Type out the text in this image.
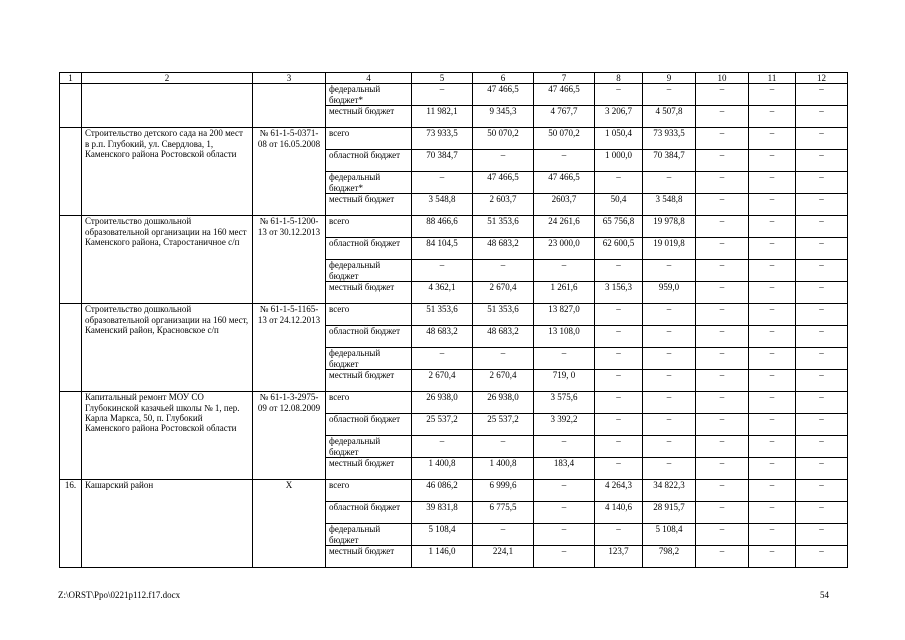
1	2	3	4	5	6	7	8	9	10	11	12
			федеральный бюджет*	–	47 466,5	47 466,5	–	–	–	–	–
			местный бюджет	11 982,1	9 345,3	4 767,7	3 206,7	4 507,8	–	–	–
	Строительство детского сада на 200 мест в р.п. Глубокий, ул. Свердлова, 1, Каменского района Ростовской области	№ 61-1-5-0371-08 от 16.05.2008	всего	73 933,5	50 070,2	50 070,2	1 050,4	73 933,5	–	–	–
			областной бюджет	70 384,7	–	–	1 000,0	70 384,7	–	–	–
			федеральный бюджет*	–	47 466,5	47 466,5	–	–	–	–	–
			местный бюджет	3 548,8	2 603,7	2603,7	50,4	3 548,8	–	–	–
	Строительство дошкольной образовательной организации на 160 мест Каменского района, Старостаничное с/п	№ 61-1-5-1200-13 от 30.12.2013	всего	88 466,6	51 353,6	24 261,6	65 756,8	19 978,8	–	–	–
			областной бюджет	84 104,5	48 683,2	23 000,0	62 600,5	19 019,8	–	–	–
			федеральный бюджет	–	–	–	–	–	–	–	–
			местный бюджет	4 362,1	2 670,4	1 261,6	3 156,3	959,0	–	–	–
	Строительство дошкольной образовательной организации на 160 мест, Каменский район, Красновское с/п	№ 61-1-5-1165-13 от 24.12.2013	всего	51 353,6	51 353,6	13 827,0	–	–	–	–	–
			областной бюджет	48 683,2	48 683,2	13 108,0	–	–	–	–	–
			федеральный бюджет	–	–	–	–	–	–	–	–
			местный бюджет	2 670,4	2 670,4	719, 0	–	–	–	–	–
	Капитальный ремонт МОУ СО Глубокинской казачьей школы № 1, пер. Карла Маркса, 50, п. Глубокий Каменского района Ростовской области	№ 61-1-3-2975-09 от 12.08.2009	всего	26 938,0	26 938,0	3 575,6	–	–	–	–	–
			областной бюджет	25 537,2	25 537,2	3 392,2	–	–	–	–	–
			федеральный бюджет	–	–	–	–	–	–	–	–
			местный бюджет	1 400,8	1 400,8	183,4	–	–	–	–	–
16.	Кашарский район	Х	всего	46 086,2	6 999,6	–	4 264,3	34 822,3	–	–	–
			областной бюджет	39 831,8	6 775,5	–	4 140,6	28 915,7	–	–	–
			федеральный бюджет	5 108,4	–	–	–	5 108,4	–	–	–
			местный бюджет	1 146,0	224,1	–	123,7	798,2	–	–	–
Z:\ORST\Ppo\0221p112.f17.docx	54
